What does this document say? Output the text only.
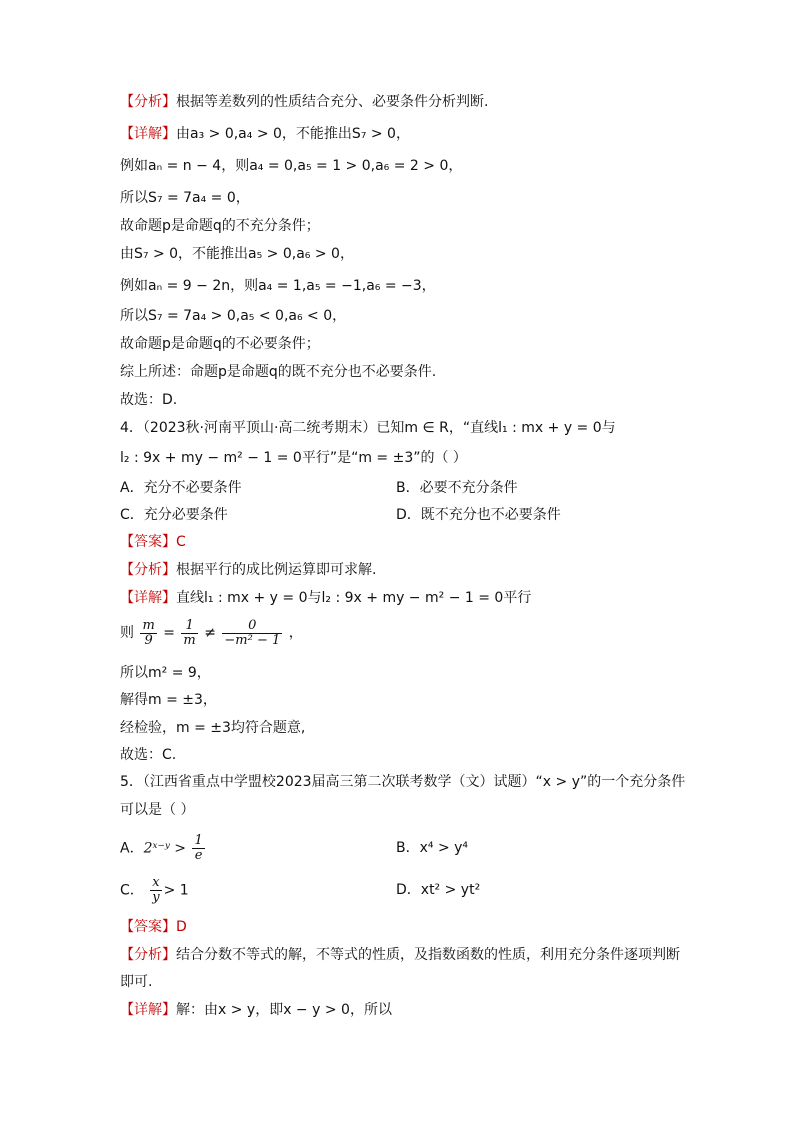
【分析】根据等差数列的性质结合充分、必要条件分析判断.
【详解】由a₃ > 0,a₄ > 0，不能推出S₇ > 0，
例如aₙ = n − 4，则a₄ = 0,a₅ = 1 > 0,a₆ = 2 > 0，
所以S₇ = 7a₄ = 0，
故命题p是命题q的不充分条件；
由S₇ > 0，不能推出a₅ > 0,a₆ > 0，
例如aₙ = 9 − 2n，则a₄ = 1,a₅ = −1,a₆ = −3，
所以S₇ = 7a₄ > 0,a₅ < 0,a₆ < 0，
故命题p是命题q的不必要条件；
综上所述：命题p是命题q的既不充分也不必要条件.
故选：D.
4．（2023秋·河南平顶山·高二统考期末）已知m ∈ R，“直线l₁ : mx + y = 0与
l₂ : 9x + my − m² − 1 = 0平行”是“m = ±3”的（ ）
A．充分不必要条件	B．必要不充分条件
C．充分必要条件	D．既不充分也不必要条件
【答案】C
【分析】根据平行的成比例运算即可求解.
【详解】直线l₁ : mx + y = 0与l₂ : 9x + my − m² − 1 = 0平行
则 $\frac{m}{9} = \frac{1}{m} \ne \frac{0}{\text{−m² − 1}}$ ，
所以m² = 9，
解得m = ±3，
经检验，m = ±3均符合题意,
故选：C.
5．（江西省重点中学盟校2023届高三第二次联考数学（文）试题）“x > y”的一个充分条件
可以是（ ）
A．2ˣ⁻ʸ > $\frac{1}{e}$	B．x⁴ > y⁴
C． $\frac{x}{y} > 1$	D．xt² > yt²
【答案】D
【分析】结合分数不等式的解，不等式的性质，及指数函数的性质，利用充分条件逐项判断
即可.
【详解】解：由x > y，即x − y > 0，所以
